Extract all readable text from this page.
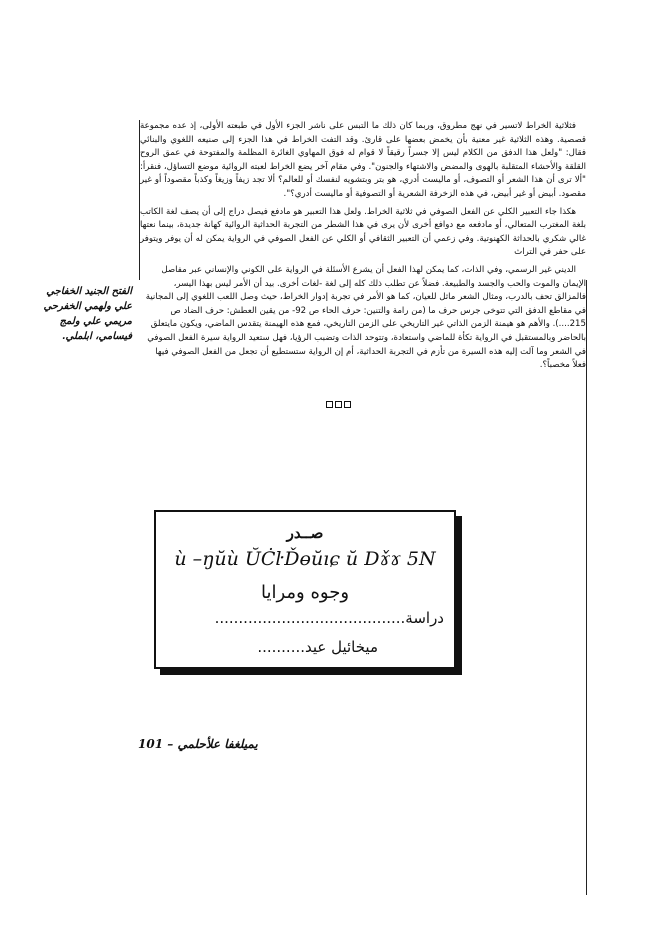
فثلاثية الخراط لاتسير في نهج مطروق، وربما كان ذلك ما التبس على ناشر الجزء الأول في طبعته الأولى، إذ عده مجموعة قصصية. وهذه الثلاثية غير معنية بأن يخمض بعضها على قارئ. وقد التفت الخراط في هذا الجزء إلى صنيعه اللغوي والبنائي فقال: "ولعل هذا الدفق من الكلام ليس إلا جسراً رقيقاً لا قوام له فوق المهاوي الغائرة المظلمة والمفتوحة في عمق الروح القلقة والأحشاء المتقلبة بالهوى والمضض والاشتهاء والجنون". وفي مقام آخر يضع الخراط لعبته الروائية موضع التساؤل، فنقرأ: "ألا ترى أن هذا الشعر أو التصوف، أو ماليست أدري، هو بتر وبتشويه لنفسك أو للعالم؟ ألا تجد زيفاً وزيغاً وكذباً مقصوداً أو غير مقصود. أبيض أو غير أبيض، في هذه الزخرفة الشعرية أو التصوفية أو ماليست أدري؟".

هكذا جاء التعبير الكلي عن الفعل الصوفي في ثلاثية الخراط. ولعل هذا التعبير هو مادفع فيصل دراج إلى أن يصف لغة الكاتب بلغة المغترب المتعالي، أو مادفعه مع دوافع أخرى لأن يرى في هذا الشطر من التجربة الحداثية الروائية كهانة جديدة، بينما نعتها غالي شكري بالحداثة الكهنوتية. وفي زعمي أن التعبير الثقافي أو الكلي عن الفعل الصوفي في الرواية يمكن له أن يوفر ويتوفر على حفر في التراث

الديني غير الرسمي، وفي الذات، كما يمكن لهذا الفعل أن يشرع الأسئلة في الرواية على الكوني والإنساني عبر مفاصل الإيمان والموت والحب والجسد والطبيعة. فضلاً عن تطلب ذلك كله إلى لغة -لغات أخرى. بيد أن الأمر ليس بهذا اليسر، فالمزالق تحف بالدرب، ومثال الشعر ماثل للعيان، كما هو الأمر في تجربة إدوار الخراط، حيث وصل اللعب اللغوي إلى المجانية في مقاطع الدفق التي تتوخى جرس حرف ما (من رامة والتنين: حرف الحاء ص 92- من يقين العطش: حرف الضاد ص 215....). والأهم هو هيمنة الزمن الذاتي غير التاريخي على الزمن التاريخي، فمع هذه الهيمنة يتقدس الماضي، ويكون مايتعلق بالحاضر وبالمستقبل في الرواية تكأة للماضي واستعادة، وتتوحد الذات وتضبب الرؤيا، فهل ستعيد الرواية سيرة الفعل الصوفي في الشعر وما آلت إليه هذه السيرة من تأزم في التجربة الحداثية، أم إن الرواية ستستطيع أن تجعل من الفعل الصوفي فيها فعلاً مخصباً؟.

الفتح الجنيد الخفاجي
علي ولهمي الخفرحي
مريمي علي ولمج
فيسامي، ابلملي.
صــدر
ù –ŋŭù ŬĊŀĎɵŭıɕ ŭ Dɤ̌ɤ 5N
وجوه ومرايا
دراسة........................................
ميخائيل عيد..........
يميلغفا علأحلمي – 101
